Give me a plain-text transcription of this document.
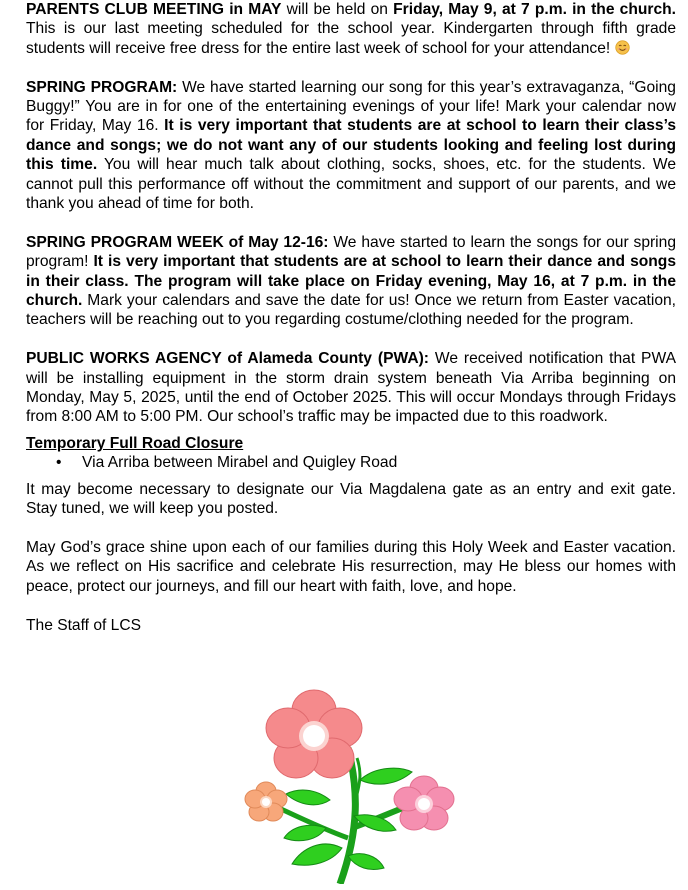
PARENTS CLUB MEETING in MAY will be held on Friday, May 9, at 7 p.m. in the church. This is our last meeting scheduled for the school year. Kindergarten through fifth grade students will receive free dress for the entire last week of school for your attendance!

SPRING PROGRAM: We have started learning our song for this year’s extravaganza, “Going Buggy!” You are in for one of the entertaining evenings of your life! Mark your calendar now for Friday, May 16. It is very important that students are at school to learn their class’s dance and songs; we do not want any of our students looking and feeling lost during this time. You will hear much talk about clothing, socks, shoes, etc. for the students. We cannot pull this performance off without the commitment and support of our parents, and we thank you ahead of time for both.

SPRING PROGRAM WEEK of May 12-16: We have started to learn the songs for our spring program! It is very important that students are at school to learn their dance and songs in their class. The program will take place on Friday evening, May 16, at 7 p.m. in the church. Mark your calendars and save the date for us! Once we return from Easter vacation, teachers will be reaching out to you regarding costume/clothing needed for the program.

PUBLIC WORKS AGENCY of Alameda County (PWA): We received notification that PWA will be installing equipment in the storm drain system beneath Via Arriba beginning on Monday, May 5, 2025, until the end of October 2025. This will occur Mondays through Fridays from 8:00 AM to 5:00 PM. Our school’s traffic may be impacted due to this roadwork.

Temporary Full Road Closure

• Via Arriba between Mirabel and Quigley Road

It may become necessary to designate our Via Magdalena gate as an entry and exit gate. Stay tuned, we will keep you posted.

May God’s grace shine upon each of our families during this Holy Week and Easter vacation. As we reflect on His sacrifice and celebrate His resurrection, may He bless our homes with peace, protect our journeys, and fill our heart with faith, love, and hope.

The Staff of LCS
